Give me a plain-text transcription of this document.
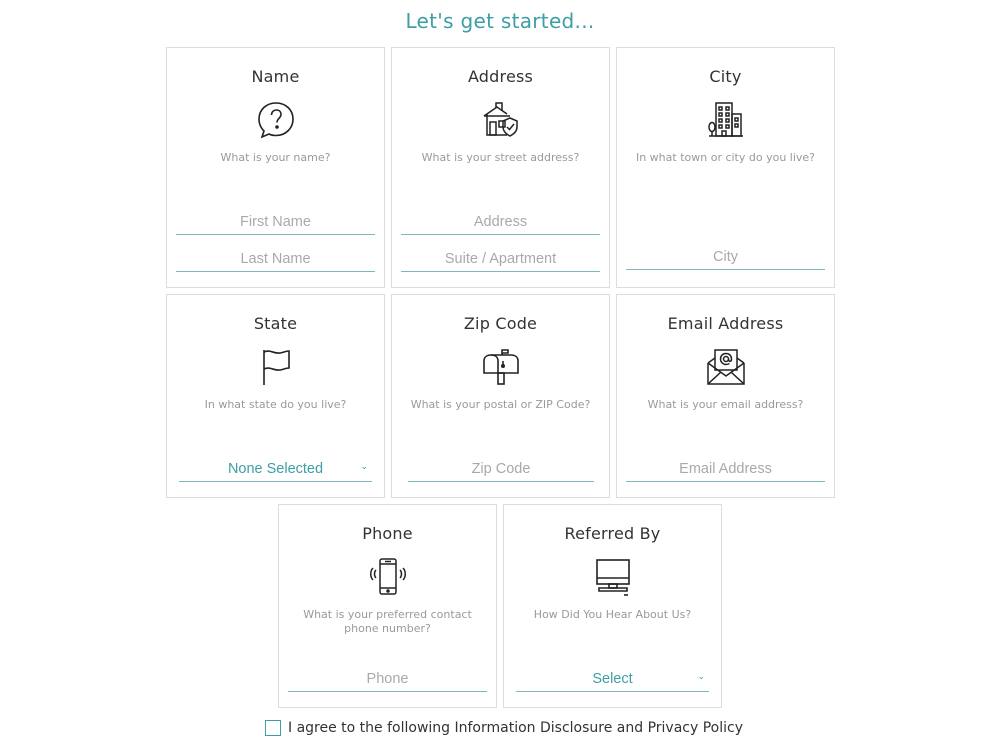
Let's get started...
Name
What is your name?
First Name
Last Name
Address
What is your street address?
Address
Suite / Apartment
City
In what town or city do you live?
City
State
In what state do you live?
None Selected	⌄
Zip Code
What is your postal or ZIP Code?
Zip Code
Email Address
What is your email address?
Email Address
Phone
What is your preferred contact phone number?
Phone
Referred By
How Did You Hear About Us?
Select	⌄
I agree to the following Information Disclosure and Privacy Policy
